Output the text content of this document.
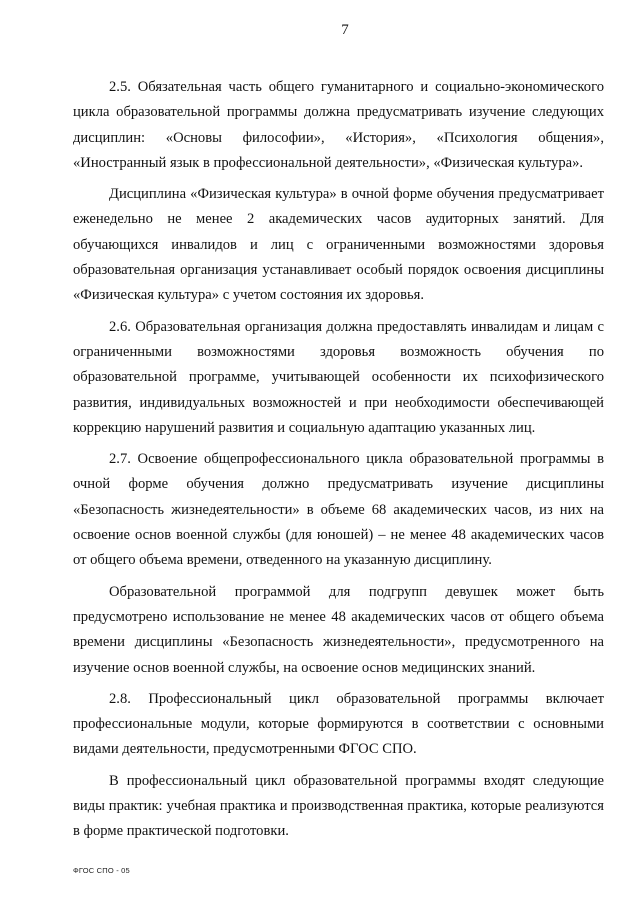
7

2.5. Обязательная часть общего гуманитарного и социально-экономического цикла образовательной программы должна предусматривать изучение следующих дисциплин: «Основы философии», «История», «Психология общения», «Иностранный язык в профессиональной деятельности», «Физическая культура».

Дисциплина «Физическая культура» в очной форме обучения предусматривает еженедельно не менее 2 академических часов аудиторных занятий. Для обучающихся инвалидов и лиц с ограниченными возможностями здоровья образовательная организация устанавливает особый порядок освоения дисциплины «Физическая культура» с учетом состояния их здоровья.

2.6. Образовательная организация должна предоставлять инвалидам и лицам с ограниченными возможностями здоровья возможность обучения по образовательной программе, учитывающей особенности их психофизического развития, индивидуальных возможностей и при необходимости обеспечивающей коррекцию нарушений развития и социальную адаптацию указанных лиц.

2.7. Освоение общепрофессионального цикла образовательной программы в очной форме обучения должно предусматривать изучение дисциплины «Безопасность жизнедеятельности» в объеме 68 академических часов, из них на освоение основ военной службы (для юношей) – не менее 48 академических часов от общего объема времени, отведенного на указанную дисциплину.

Образовательной программой для подгрупп девушек может быть предусмотрено использование не менее 48 академических часов от общего объема времени дисциплины «Безопасность жизнедеятельности», предусмотренного на изучение основ военной службы, на освоение основ медицинских знаний.

2.8. Профессиональный цикл образовательной программы включает профессиональные модули, которые формируются в соответствии с основными видами деятельности, предусмотренными ФГОС СПО.

В профессиональный цикл образовательной программы входят следующие виды практик: учебная практика и производственная практика, которые реализуются в форме практической подготовки.

ФГОС СПО - 05
